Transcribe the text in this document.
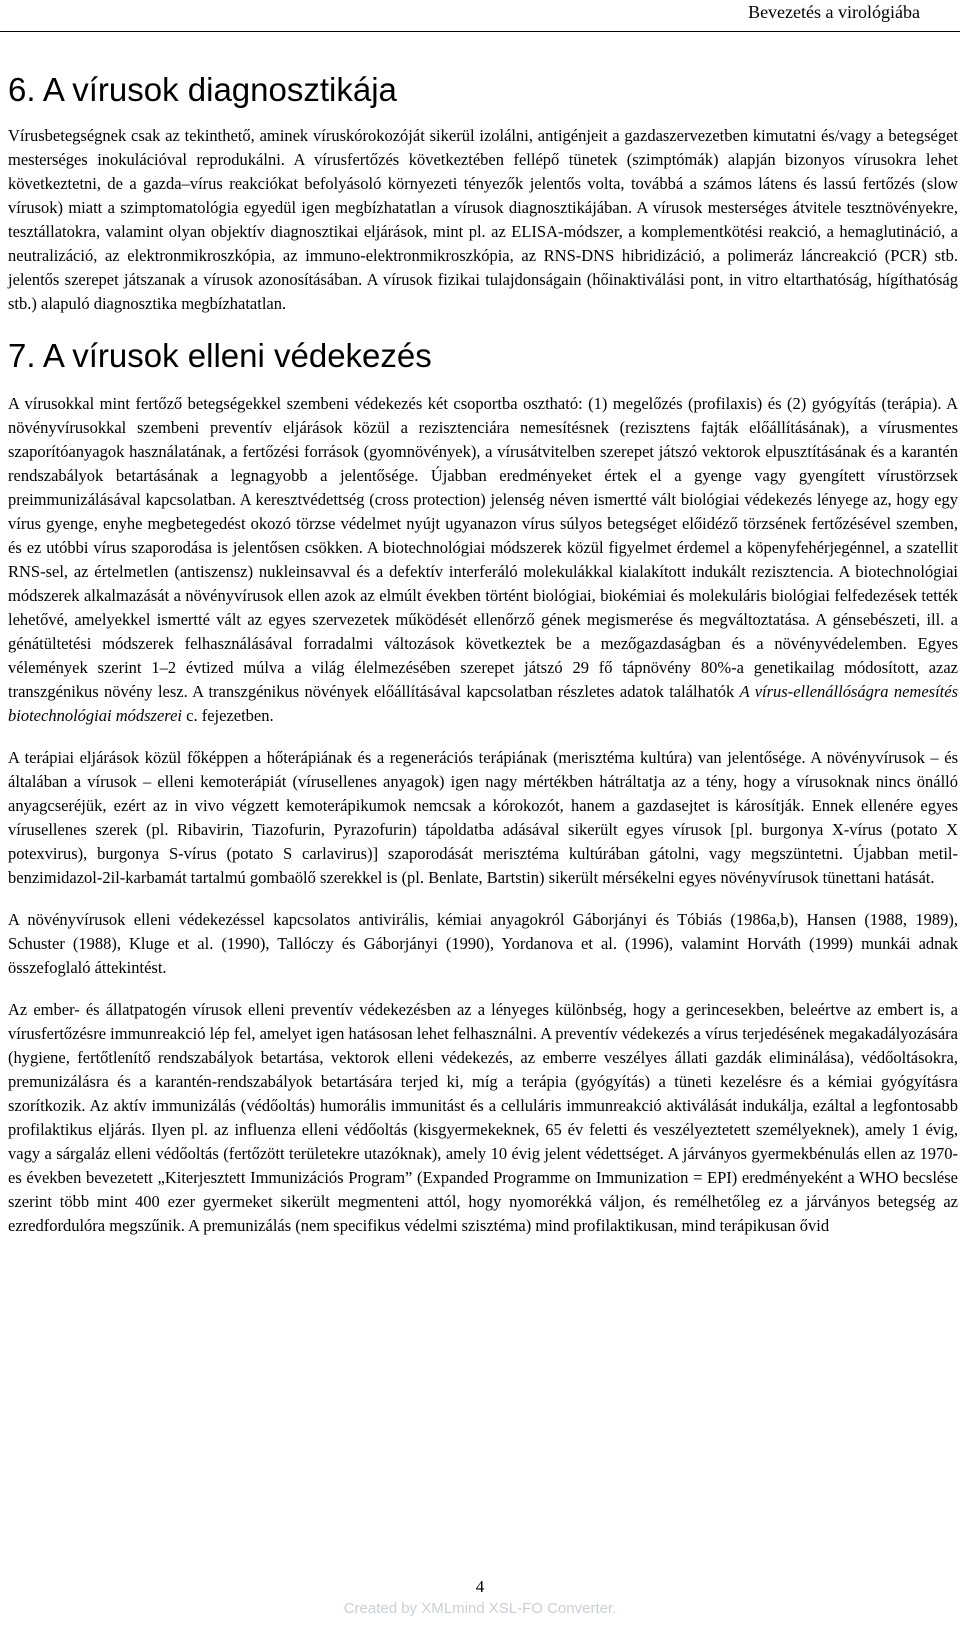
Bevezetés a virológiába
6. A vírusok diagnosztikája

Vírusbetegségnek csak az tekinthető, aminek víruskórokozóját sikerül izolálni, antigénjeit a gazdaszervezetben kimutatni és/vagy a betegséget mesterséges inokulációval reprodukálni. A vírusfertőzés következtében fellépő tünetek (szimptómák) alapján bizonyos vírusokra lehet következtetni, de a gazda–vírus reakciókat befolyásoló környezeti tényezők jelentős volta, továbbá a számos látens és lassú fertőzés (slow vírusok) miatt a szimptomatológia egyedül igen megbízhatatlan a vírusok diagnosztikájában. A vírusok mesterséges átvitele tesztnövényekre, tesztállatokra, valamint olyan objektív diagnosztikai eljárások, mint pl. az ELISA-módszer, a komplementkötési reakció, a hemaglutináció, a neutralizáció, az elektronmikroszkópia, az immuno-elektronmikroszkópia, az RNS-DNS hibridizáció, a polimeráz láncreakció (PCR) stb. jelentős szerepet játszanak a vírusok azonosításában. A vírusok fizikai tulajdonságain (hőinaktiválási pont, in vitro eltarthatóság, hígíthatóság stb.) alapuló diagnosztika megbízhatatlan.

7. A vírusok elleni védekezés

A vírusokkal mint fertőző betegségekkel szembeni védekezés két csoportba osztható: (1) megelőzés (profilaxis) és (2) gyógyítás (terápia). A növényvírusokkal szembeni preventív eljárások közül a rezisztenciára nemesítésnek (rezisztens fajták előállításának), a vírusmentes szaporítóanyagok használatának, a fertőzési források (gyomnövények), a vírusátvitelben szerepet játszó vektorok elpusztításának és a karantén rendszabályok betartásának a legnagyobb a jelentősége. Újabban eredményeket értek el a gyenge vagy gyengített vírustörzsek preimmunizálásával kapcsolatban. A keresztvédettség (cross protection) jelenség néven ismertté vált biológiai védekezés lényege az, hogy egy vírus gyenge, enyhe megbetegedést okozó törzse védelmet nyújt ugyanazon vírus súlyos betegséget előidéző törzsének fertőzésével szemben, és ez utóbbi vírus szaporodása is jelentősen csökken. A biotechnológiai módszerek közül figyelmet érdemel a köpenyfehérjegénnel, a szatellit RNS-sel, az értelmetlen (antiszensz) nukleinsavval és a defektív interferáló molekulákkal kialakított indukált rezisztencia. A biotechnológiai módszerek alkalmazását a növényvírusok ellen azok az elmúlt években történt biológiai, biokémiai és molekuláris biológiai felfedezések tették lehetővé, amelyekkel ismertté vált az egyes szervezetek működését ellenőrző gének megismerése és megváltoztatása. A génsebészeti, ill. a génátültetési módszerek felhasználásával forradalmi változások következtek be a mezőgazdaságban és a növényvédelemben. Egyes vélemények szerint 1–2 évtized múlva a világ élelmezésében szerepet játszó 29 fő tápnövény 80%-a genetikailag módosított, azaz transzgénikus növény lesz. A transzgénikus növények előállításával kapcsolatban részletes adatok találhatók A vírus-ellenállóságra nemesítés biotechnológiai módszerei c. fejezetben.

A terápiai eljárások közül főképpen a hőterápiának és a regenerációs terápiának (merisztéma kultúra) van jelentősége. A növényvírusok – és általában a vírusok – elleni kemoterápiát (vírusellenes anyagok) igen nagy mértékben hátráltatja az a tény, hogy a vírusoknak nincs önálló anyagcseréjük, ezért az in vivo végzett kemoterápikumok nemcsak a kórokozót, hanem a gazdasejtet is károsítják. Ennek ellenére egyes vírusellenes szerek (pl. Ribavirin, Tiazofurin, Pyrazofurin) tápoldatba adásával sikerült egyes vírusok [pl. burgonya X-vírus (potato X potexvirus), burgonya S-vírus (potato S carlavirus)] szaporodását merisztéma kultúrában gátolni, vagy megszüntetni. Újabban metil-benzimidazol-2il-karbamát tartalmú gombaölő szerekkel is (pl. Benlate, Bartstin) sikerült mérsékelni egyes növényvírusok tünettani hatását.

A növényvírusok elleni védekezéssel kapcsolatos antivirális, kémiai anyagokról Gáborjányi és Tóbiás (1986a,b), Hansen (1988, 1989), Schuster (1988), Kluge et al. (1990), Tallóczy és Gáborjányi (1990), Yordanova et al. (1996), valamint Horváth (1999) munkái adnak összefoglaló áttekintést.

Az ember- és állatpatogén vírusok elleni preventív védekezésben az a lényeges különbség, hogy a gerincesekben, beleértve az embert is, a vírusfertőzésre immunreakció lép fel, amelyet igen hatásosan lehet felhasználni. A preventív védekezés a vírus terjedésének megakadályozására (hygiene, fertőtlenítő rendszabályok betartása, vektorok elleni védekezés, az emberre veszélyes állati gazdák eliminálása), védőoltásokra, premunizálásra és a karantén-rendszabályok betartására terjed ki, míg a terápia (gyógyítás) a tüneti kezelésre és a kémiai gyógyításra szorítkozik. Az aktív immunizálás (védőoltás) humorális immunitást és a celluláris immunreakció aktiválását indukálja, ezáltal a legfontosabb profilaktikus eljárás. Ilyen pl. az influenza elleni védőoltás (kisgyermekeknek, 65 év feletti és veszélyeztetett személyeknek), amely 1 évig, vagy a sárgaláz elleni védőoltás (fertőzött területekre utazóknak), amely 10 évig jelent védettséget. A járványos gyermekbénulás ellen az 1970-es években bevezetett „Kiterjesztett Immunizációs Program” (Expanded Programme on Immunization = EPI) eredményeként a WHO becslése szerint több mint 400 ezer gyermeket sikerült megmenteni attól, hogy nyomorékká váljon, és remélhetőleg ez a járványos betegség az ezredfordulóra megszűnik. A premunizálás (nem specifikus védelmi szisztéma) mind profilaktikusan, mind terápikusan ővid

4
Created by XMLmind XSL-FO Converter.
